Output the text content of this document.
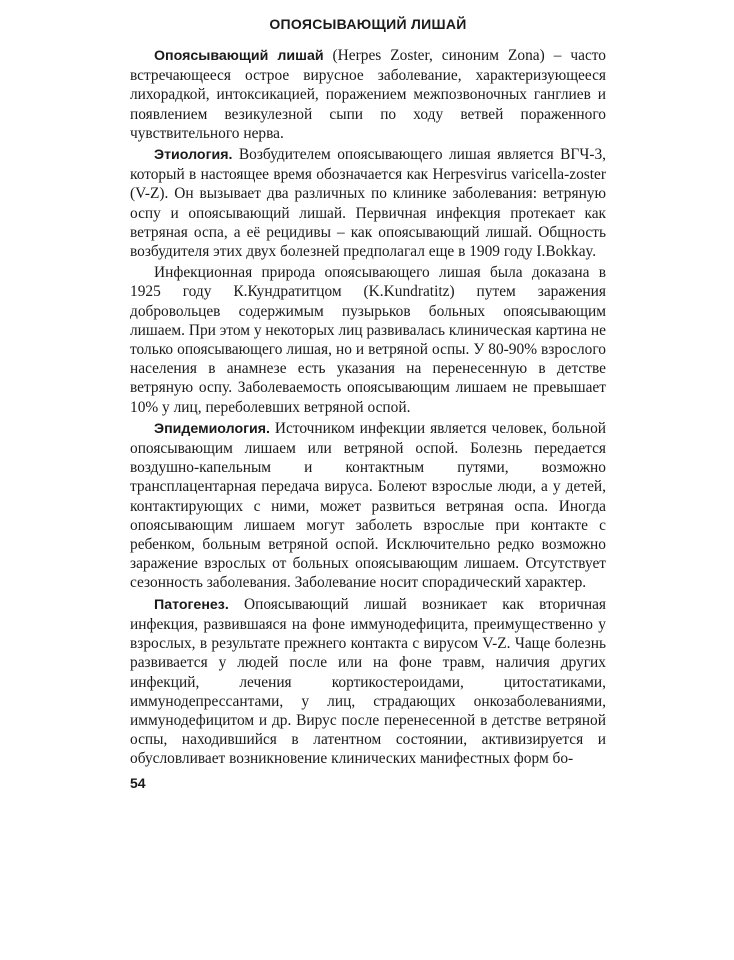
ОПОЯСЫВАЮЩИЙ ЛИШАЙ

Опоясывающий лишай (Herpes Zoster, синоним Zona) – часто встречающееся острое вирусное заболевание, характеризующееся лихорадкой, интоксикацией, поражением межпозвоночных ганглиев и появлением везикулезной сыпи по ходу ветвей пораженного чувствительного нерва.

Этиология. Возбудителем опоясывающего лишая является ВГЧ-3, который в настоящее время обозначается как Herpesvirus varicella-zoster (V-Z). Он вызывает два различных по клинике заболевания: ветряную оспу и опоясывающий лишай. Первичная инфекция протекает как ветряная оспа, а её рецидивы – как опоясывающий лишай. Общность возбудителя этих двух болезней предполагал еще в 1909 году I.Bokkay.

Инфекционная природа опоясывающего лишая была доказана в 1925 году К.Кундратитцом (K.Kundratitz) путем заражения добровольцев содержимым пузырьков больных опоясывающим лишаем. При этом у некоторых лиц развивалась клиническая картина не только опоясывающего лишая, но и ветряной оспы. У 80-90% взрослого населения в анамнезе есть указания на перенесенную в детстве ветряную оспу. Заболеваемость опоясывающим лишаем не превышает 10% у лиц, переболевших ветряной оспой.

Эпидемиология. Источником инфекции является человек, больной опоясывающим лишаем или ветряной оспой. Болезнь передается воздушно-капельным и контактным путями, возможно трансплацентарная передача вируса. Болеют взрослые люди, а у детей, контактирующих с ними, может развиться ветряная оспа. Иногда опоясывающим лишаем могут заболеть взрослые при контакте с ребенком, больным ветряной оспой. Исключительно редко возможно заражение взрослых от больных опоясывающим лишаем. Отсутствует сезонность заболевания. Заболевание носит спорадический характер.

Патогенез. Опоясывающий лишай возникает как вторичная инфекция, развившаяся на фоне иммунодефицита, преимущественно у взрослых, в результате прежнего контакта с вирусом V-Z. Чаще болезнь развивается у людей после или на фоне травм, наличия других инфекций, лечения кортикостероидами, цитостатиками, иммунодепрессантами, у лиц, страдающих онкозаболеваниями, иммунодефицитом и др. Вирус после перенесенной в детстве ветряной оспы, находившийся в латентном состоянии, активизируется и обусловливает возникновение клинических манифестных форм бо-

54
